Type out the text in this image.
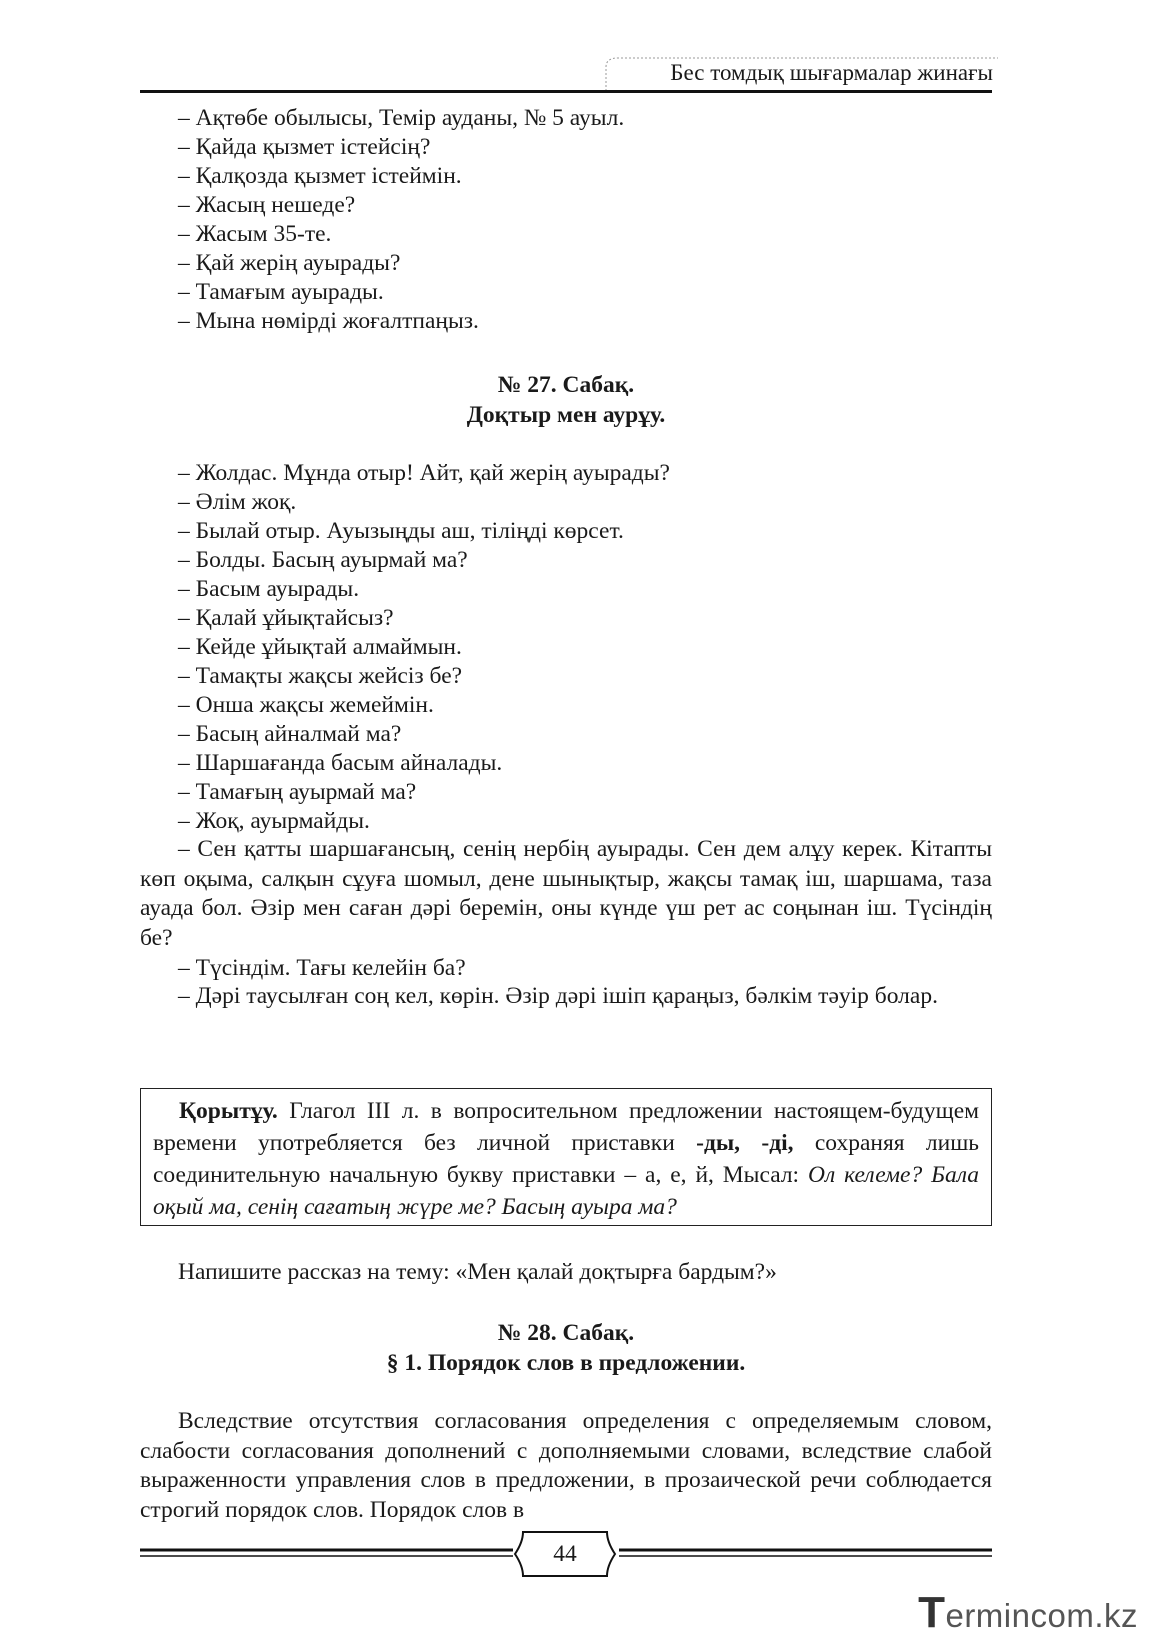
Бес томдық шығармалар жинағы
– Ақтөбе обылысы, Темір ауданы, № 5 ауыл.
– Қайда қызмет істейсің?
– Қалқозда қызмет істеймін.
– Жасың нешеде?
– Жасым 35-те.
– Қай жерің ауырады?
– Тамағым ауырады.
– Мына нөмірді жоғалтпаңыз.
№ 27. Сабақ.
Доқтыр мен аурұу.
– Жолдас. Мұнда отыр! Айт, қай жерің ауырады?
– Әлім жоқ.
– Былай отыр. Ауызыңды аш, тіліңді көрсет.
– Болды. Басың ауырмай ма?
– Басым ауырады.
– Қалай ұйықтайсыз?
– Кейде ұйықтай алмаймын.
– Тамақты жақсы жейсіз бе?
– Онша жақсы жемеймін.
– Басың айналмай ма?
– Шаршағанда басым айналады.
– Тамағың ауырмай ма?
– Жоқ, ауырмайды.
– Сен қатты шаршағансың, сенің нербің ауырады. Сен дем алұу керек. Кітапты көп оқыма, салқын сұуға шомыл, дене шынықтыр, жақсы тамақ іш, шаршама, таза ауада бол. Әзір мен саған дәрі беремін, оны күнде үш рет ас соңынан іш. Түсіндің бе?
– Түсіндім. Тағы келейін ба?
– Дәрі таусылған соң кел, көрін. Әзір дәрі ішіп қараңыз, бәлкім тәуір болар.
Қорытұу. Глагол III л. в вопросительном предложении настоящем-будущем времени употребляется без личной приставки -ды, -ді, сохраняя лишь соединительную начальную букву приставки – а, е, й, Мысал: Ол келеме? Бала оқый ма, сенің сағатың жүре ме? Басың ауыра ма?
Напишите рассказ на тему: «Мен қалай доқтырға бардым?»
№ 28. Сабақ.
§ 1. Порядок слов в предложении.
Вследствие отсутствия согласования определения с определяемым словом, слабости согласования дополнений с дополняемыми словами, вследствие слабой выраженности управления слов в предложении, в прозаической речи соблюдается строгий порядок слов. Порядок слов в
44
Termincom.kz
